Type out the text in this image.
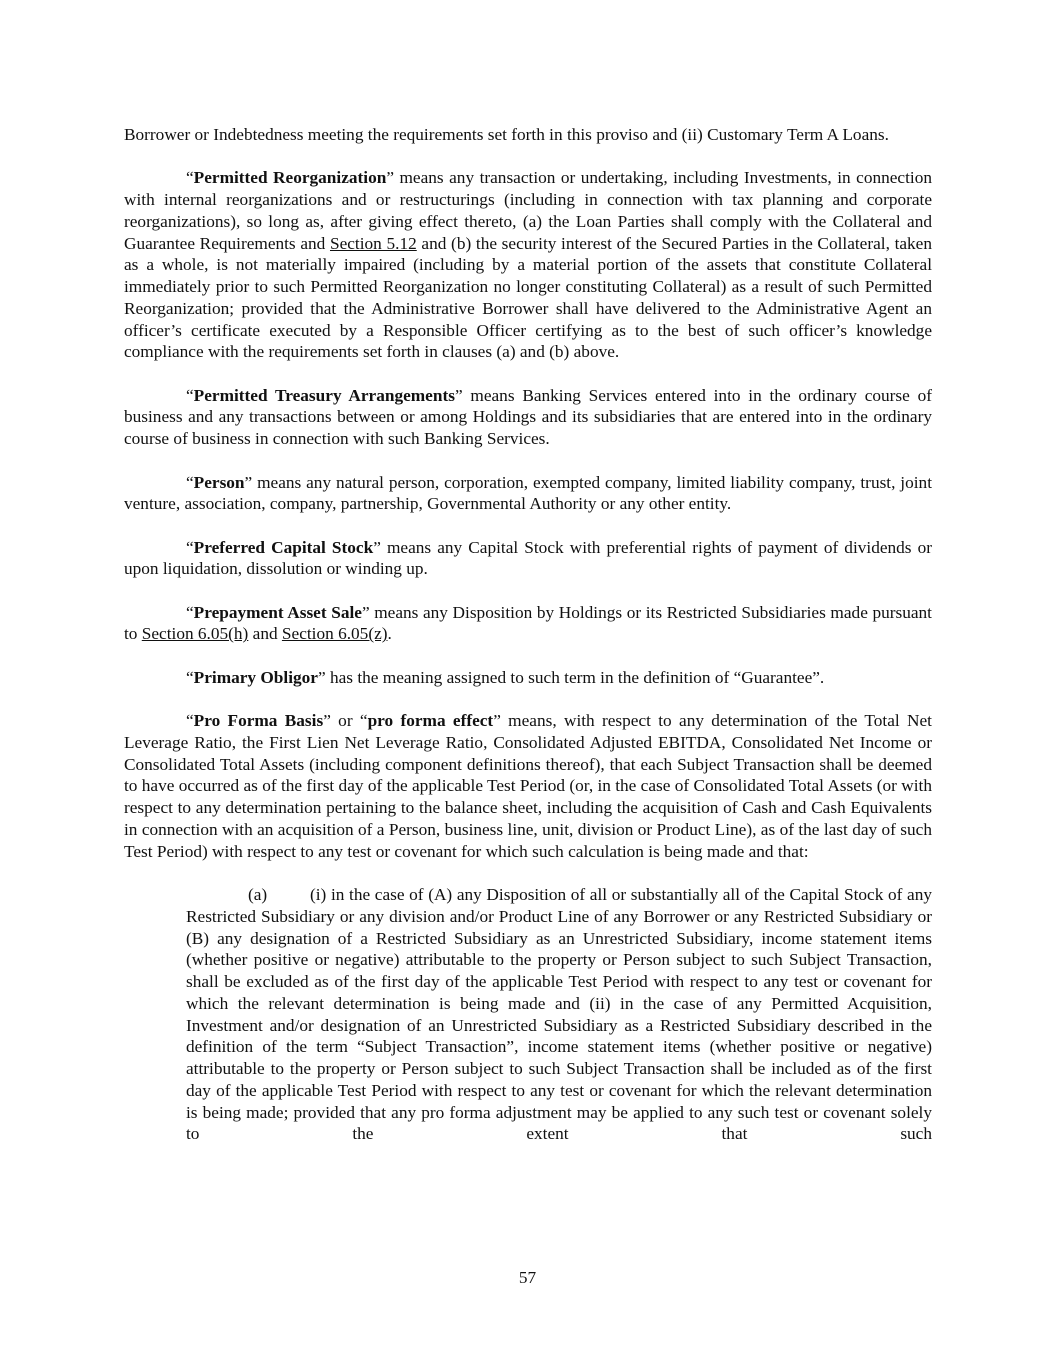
Borrower or Indebtedness meeting the requirements set forth in this proviso and (ii) Customary Term A Loans.

“Permitted Reorganization” means any transaction or undertaking, including Investments, in connection with internal reorganizations and or restructurings (including in connection with tax planning and corporate reorganizations), so long as, after giving effect thereto, (a) the Loan Parties shall comply with the Collateral and Guarantee Requirements and Section 5.12 and (b) the security interest of the Secured Parties in the Collateral, taken as a whole, is not materially impaired (including by a material portion of the assets that constitute Collateral immediately prior to such Permitted Reorganization no longer constituting Collateral) as a result of such Permitted Reorganization; provided that the Administrative Borrower shall have delivered to the Administrative Agent an officer’s certificate executed by a Responsible Officer certifying as to the best of such officer’s knowledge compliance with the requirements set forth in clauses (a) and (b) above.

“Permitted Treasury Arrangements” means Banking Services entered into in the ordinary course of business and any transactions between or among Holdings and its subsidiaries that are entered into in the ordinary course of business in connection with such Banking Services.

“Person” means any natural person, corporation, exempted company, limited liability company, trust, joint venture, association, company, partnership, Governmental Authority or any other entity.

“Preferred Capital Stock” means any Capital Stock with preferential rights of payment of dividends or upon liquidation, dissolution or winding up.

“Prepayment Asset Sale” means any Disposition by Holdings or its Restricted Subsidiaries made pursuant to Section 6.05(h) and Section 6.05(z).

“Primary Obligor” has the meaning assigned to such term in the definition of “Guarantee”.

“Pro Forma Basis” or “pro forma effect” means, with respect to any determination of the Total Net Leverage Ratio, the First Lien Net Leverage Ratio, Consolidated Adjusted EBITDA, Consolidated Net Income or Consolidated Total Assets (including component definitions thereof), that each Subject Transaction shall be deemed to have occurred as of the first day of the applicable Test Period (or, in the case of Consolidated Total Assets (or with respect to any determination pertaining to the balance sheet, including the acquisition of Cash and Cash Equivalents in connection with an acquisition of a Person, business line, unit, division or Product Line), as of the last day of such Test Period) with respect to any test or covenant for which such calculation is being made and that:

(a) (i) in the case of (A) any Disposition of all or substantially all of the Capital Stock of any Restricted Subsidiary or any division and/or Product Line of any Borrower or any Restricted Subsidiary or (B) any designation of a Restricted Subsidiary as an Unrestricted Subsidiary, income statement items (whether positive or negative) attributable to the property or Person subject to such Subject Transaction, shall be excluded as of the first day of the applicable Test Period with respect to any test or covenant for which the relevant determination is being made and (ii) in the case of any Permitted Acquisition, Investment and/or designation of an Unrestricted Subsidiary as a Restricted Subsidiary described in the definition of the term “Subject Transaction”, income statement items (whether positive or negative) attributable to the property or Person subject to such Subject Transaction shall be included as of the first day of the applicable Test Period with respect to any test or covenant for which the relevant determination is being made; provided that any pro forma adjustment may be applied to any such test or covenant solely to the extent that such

57
